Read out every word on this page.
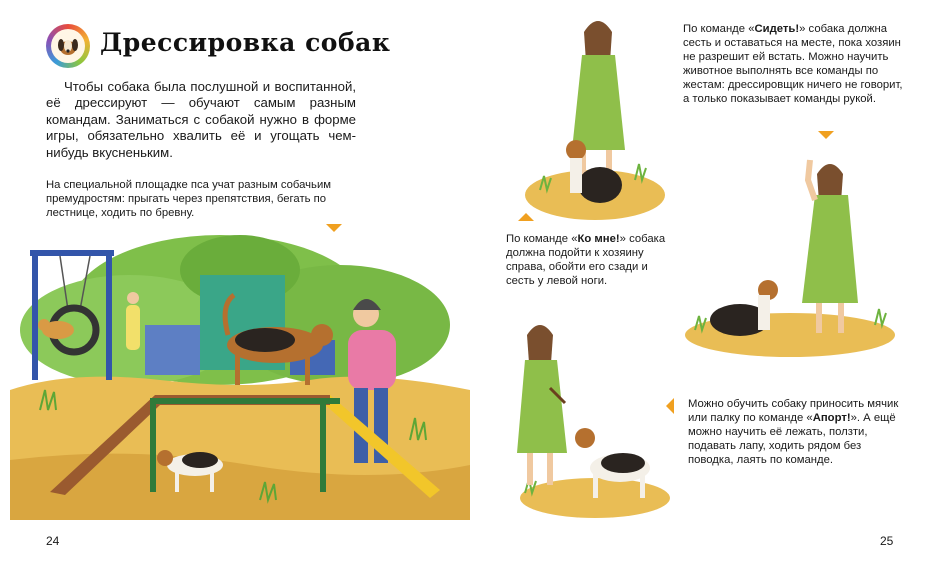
Дрессировка собак
Чтобы собака была послушной и воспитанной, её дрессируют — обучают самым разным командам. Заниматься с собакой нужно в форме игры, обязательно хвалить её и угощать чем-нибудь вкусненьким.
На специальной площадке пса учат разным собачьим премудростям: прыгать через препятствия, бегать по лестнице, ходить по бревну.
24
По команде «Ко мне!» собака должна подойти к хозяину справа, обойти его сзади и сесть у левой ноги.
По команде «Сидеть!» собака должна сесть и оставаться на месте, пока хозяин не разрешит ей встать. Можно научить животное выполнять все команды по жестам: дрессировщик ничего не говорит, а только показывает команды рукой.
Можно обучить собаку приносить мячик или палку по команде «Апорт!». А ещё можно научить её лежать, ползти, подавать лапу, ходить рядом без поводка, лаять по команде.
25
